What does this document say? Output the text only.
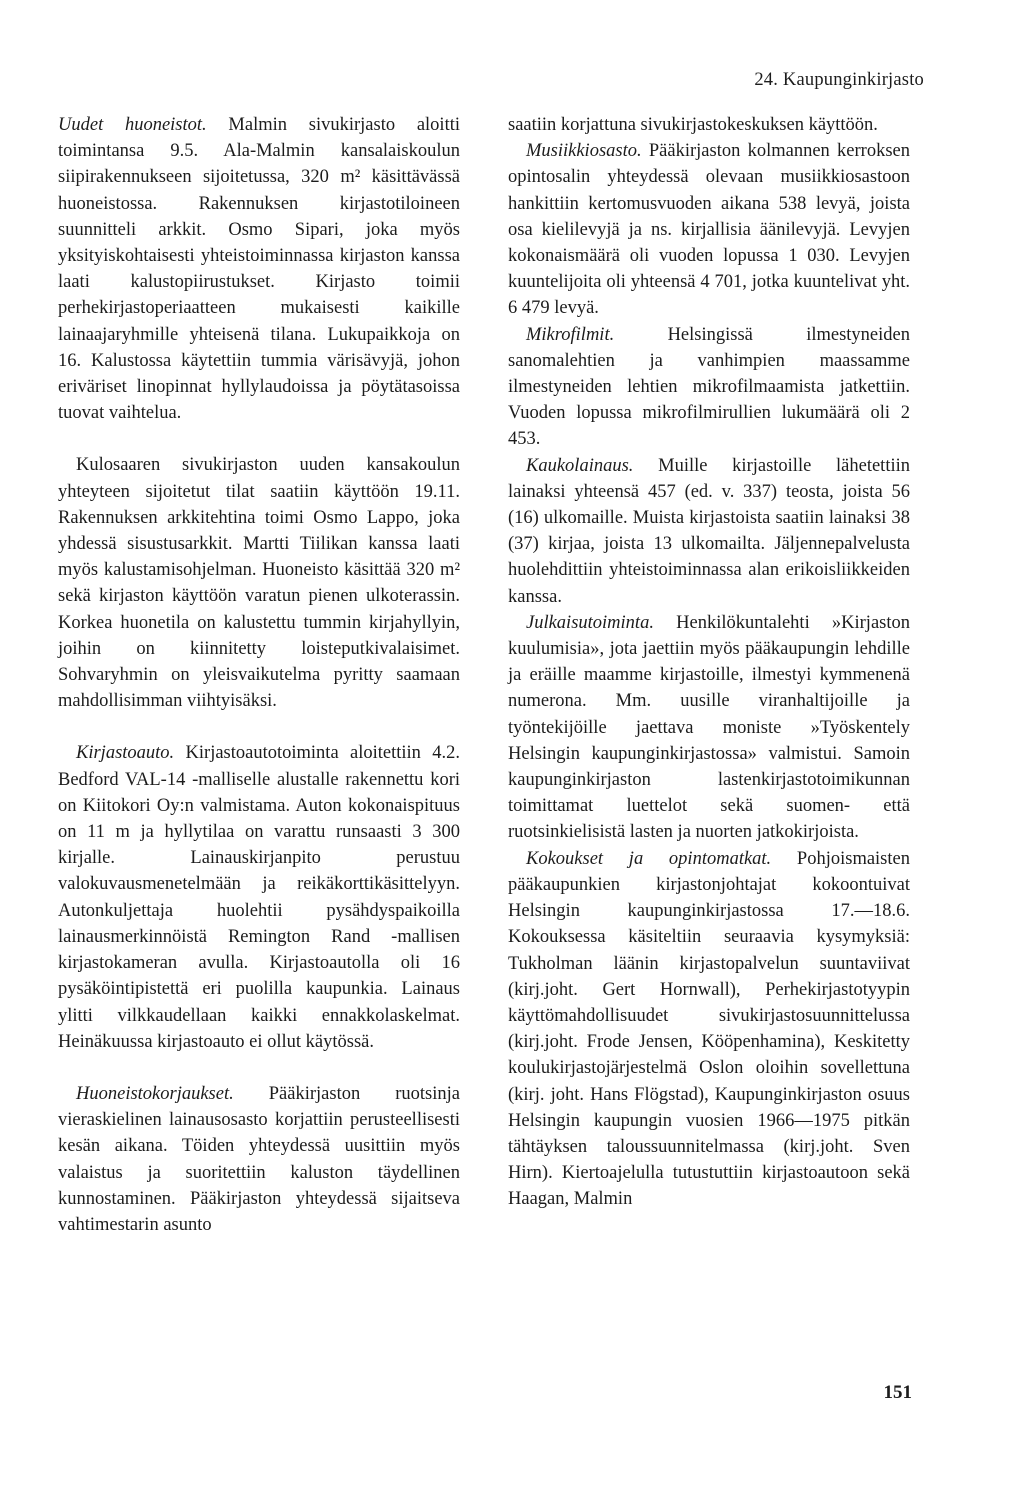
24. Kaupunginkirjasto

Uudet huoneistot. Malmin sivukirjasto aloitti toimintansa 9.5. Ala-Malmin kansalaiskoulun siipirakennukseen sijoitetussa, 320 m² käsittävässä huoneistossa. Rakennuksen kirjastotiloineen suunnitteli arkkit. Osmo Sipari, joka myös yksityiskohtaisesti yhteistoiminnassa kirjaston kanssa laati kalustopiirustukset. Kirjasto toimii perhekirjastoperiaatteen mukaisesti kaikille lainaajaryhmille yhteisenä tilana. Lukupaikkoja on 16. Kalustossa käytettiin tummia värisävyjä, johon eriväriset linopinnat hyllylaudoissa ja pöytätasoissa tuovat vaihtelua.

Kulosaaren sivukirjaston uuden kansakoulun yhteyteen sijoitetut tilat saatiin käyttöön 19.11. Rakennuksen arkkitehtina toimi Osmo Lappo, joka yhdessä sisustusarkkit. Martti Tiilikan kanssa laati myös kalustamisohjelman. Huoneisto käsittää 320 m² sekä kirjaston käyttöön varatun pienen ulkoterassin. Korkea huonetila on kalustettu tummin kirjahyllyin, joihin on kiinnitetty loisteputkivalaisimet. Sohvaryhmin on yleisvaikutelma pyritty saamaan mahdollisimman viihtyisäksi.

Kirjastoauto. Kirjastoautotoiminta aloitettiin 4.2. Bedford VAL-14 -malliselle alustalle rakennettu kori on Kiitokori Oy:n valmistama. Auton kokonaispituus on 11 m ja hyllytilaa on varattu runsaasti 3 300 kirjalle. Lainauskirjanpito perustuu valokuvausmenetelmään ja reikäkorttikäsittelyyn. Autonkuljettaja huolehtii pysähdyspaikoilla lainausmerkinnöistä Remington Rand -mallisen kirjastokameran avulla. Kirjastoautolla oli 16 pysäköintipistettä eri puolilla kaupunkia. Lainaus ylitti vilkkaudellaan kaikki ennakkolaskelmat. Heinäkuussa kirjastoauto ei ollut käytössä.

Huoneistokorjaukset. Pääkirjaston ruotsinja vieraskielinen lainausosasto korjattiin perusteellisesti kesän aikana. Töiden yhteydessä uusittiin myös valaistus ja suoritettiin kaluston täydellinen kunnostaminen. Pääkirjaston yhteydessä sijaitseva vahtimestarin asunto

saatiin korjattuna sivukirjastokeskuksen käyttöön.

Musiikkiosasto. Pääkirjaston kolmannen kerroksen opintosalin yhteydessä olevaan musiikkiosastoon hankittiin kertomusvuoden aikana 538 levyä, joista osa kielilevyjä ja ns. kirjallisia äänilevyjä. Levyjen kokonaismäärä oli vuoden lopussa 1 030. Levyjen kuuntelijoita oli yhteensä 4 701, jotka kuuntelivat yht. 6 479 levyä.

Mikrofilmit. Helsingissä ilmestyneiden sanomalehtien ja vanhimpien maassamme ilmestyneiden lehtien mikrofilmaamista jatkettiin. Vuoden lopussa mikrofilmirullien lukumäärä oli 2 453.

Kaukolainaus. Muille kirjastoille lähetettiin lainaksi yhteensä 457 (ed. v. 337) teosta, joista 56 (16) ulkomaille. Muista kirjastoista saatiin lainaksi 38 (37) kirjaa, joista 13 ulkomailta. Jäljennepalvelusta huolehdittiin yhteistoiminnassa alan erikoisliikkeiden kanssa.

Julkaisutoiminta. Henkilökuntalehti »Kirjaston kuulumisia», jota jaettiin myös pääkaupungin lehdille ja eräille maamme kirjastoille, ilmestyi kymmenenä numerona. Mm. uusille viranhaltijoille ja työntekijöille jaettava moniste »Työskentely Helsingin kaupunginkirjastossa» valmistui. Samoin kaupunginkirjaston lastenkirjastotoimikunnan toimittamat luettelot sekä suomen- että ruotsinkielisistä lasten ja nuorten jatkokirjoista.

Kokoukset ja opintomatkat. Pohjoismaisten pääkaupunkien kirjastonjohtajat kokoontuivat Helsingin kaupunginkirjastossa 17.—18.6. Kokouksessa käsiteltiin seuraavia kysymyksiä: Tukholman läänin kirjastopalvelun suuntaviivat (kirj.joht. Gert Hornwall), Perhekirjastotyypin käyttömahdollisuudet sivukirjastosuunnittelussa (kirj.joht. Frode Jensen, Kööpenhamina), Keskitetty koulukirjastojärjestelmä Oslon oloihin sovellettuna (kirj. joht. Hans Flögstad), Kaupunginkirjaston osuus Helsingin kaupungin vuosien 1966—1975 pitkän tähtäyksen taloussuunnitelmassa (kirj.joht. Sven Hirn). Kiertoajelulla tutustuttiin kirjastoautoon sekä Haagan, Malmin

151
